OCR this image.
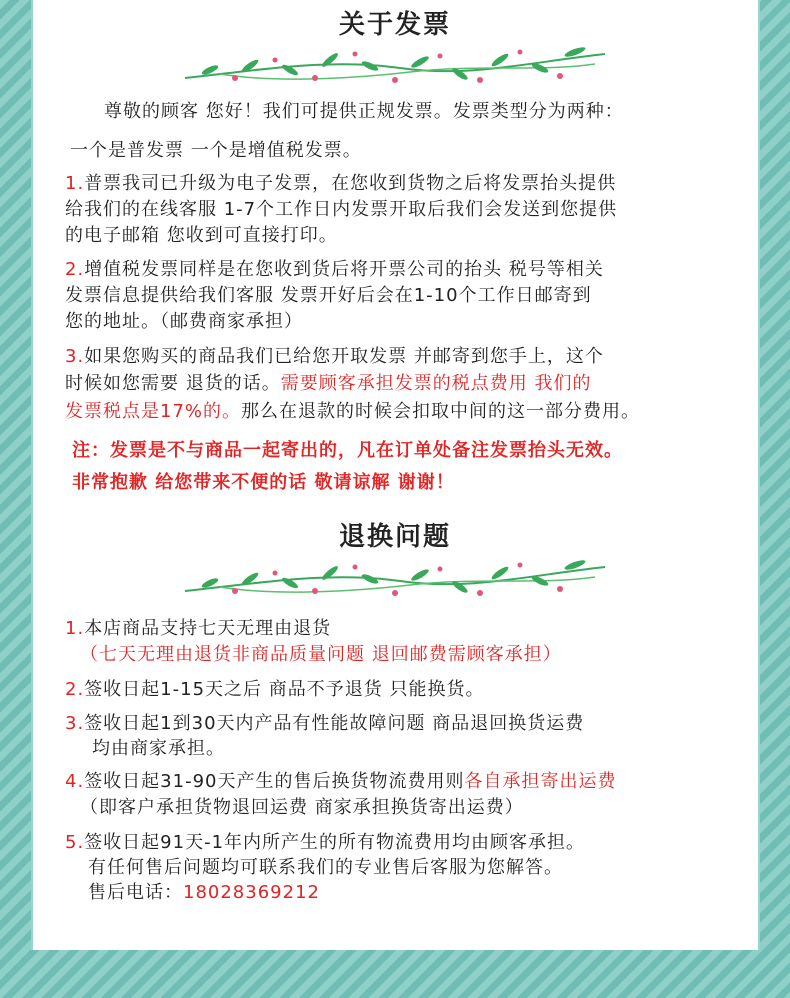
关于发票
尊敬的顾客 您好！我们可提供正规发票。发票类型分为两种：
一个是普发票 一个是增值税发票。
1.普票我司已升级为电子发票，在您收到货物之后将发票抬头提供
给我们的在线客服 1-7个工作日内发票开取后我们会发送到您提供
的电子邮箱 您收到可直接打印。
2.增值税发票同样是在您收到货后将开票公司的抬头 税号等相关
发票信息提供给我们客服 发票开好后会在1-10个工作日邮寄到
您的地址。（邮费商家承担）
3.如果您购买的商品我们已给您开取发票 并邮寄到您手上，这个
时候如您需要 退货的话。需要顾客承担发票的税点费用 我们的
发票税点是17%的。那么在退款的时候会扣取中间的这一部分费用。
注：发票是不与商品一起寄出的，凡在订单处备注发票抬头无效。
非常抱歉 给您带来不便的话 敬请谅解 谢谢！
退换问题
1.本店商品支持七天无理由退货
（七天无理由退货非商品质量问题 退回邮费需顾客承担）
2.签收日起1-15天之后 商品不予退货 只能换货。
3.签收日起1到30天内产品有性能故障问题 商品退回换货运费
均由商家承担。
4.签收日起31-90天产生的售后换货物流费用则各自承担寄出运费
（即客户承担货物退回运费 商家承担换货寄出运费）
5.签收日起91天-1年内所产生的所有物流费用均由顾客承担。
有任何售后问题均可联系我们的专业售后客服为您解答。
售后电话：18028369212
